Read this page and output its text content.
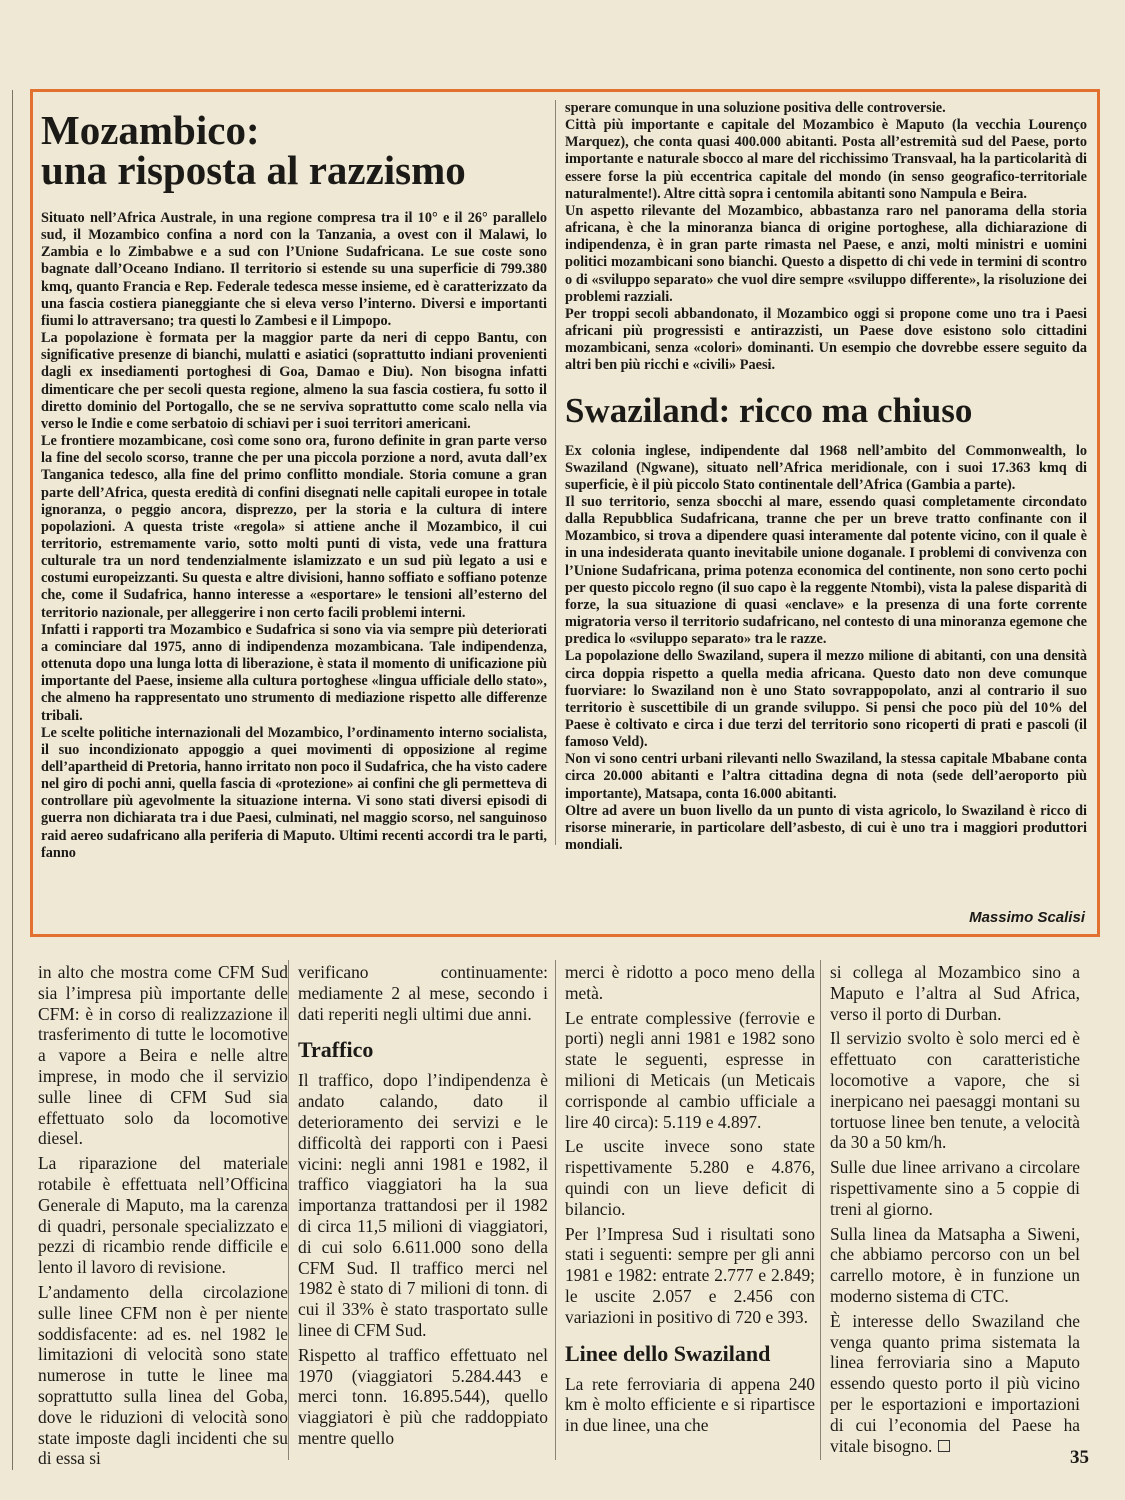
Mozambico:
una risposta al razzismo

Situato nell’Africa Australe, in una regione compresa tra il 10° e il 26° parallelo sud, il Mozambico confina a nord con la Tanzania, a ovest con il Malawi, lo Zambia e lo Zimbabwe e a sud con l’Unione Sudafricana. Le sue coste sono bagnate dall’Oceano Indiano. Il territorio si estende su una superficie di 799.380 kmq, quanto Francia e Rep. Federale tedesca messe insieme, ed è caratterizzato da una fascia costiera pianeggiante che si eleva verso l’interno. Diversi e importanti fiumi lo attraversano; tra questi lo Zambesi e il Limpopo.

La popolazione è formata per la maggior parte da neri di ceppo Bantu, con significative presenze di bianchi, mulatti e asiatici (soprattutto indiani provenienti dagli ex insediamenti portoghesi di Goa, Damao e Diu). Non bisogna infatti dimenticare che per secoli questa regione, almeno la sua fascia costiera, fu sotto il diretto dominio del Portogallo, che se ne serviva soprattutto come scalo nella via verso le Indie e come serbatoio di schiavi per i suoi territori americani.

Le frontiere mozambicane, così come sono ora, furono definite in gran parte verso la fine del secolo scorso, tranne che per una piccola porzione a nord, avuta dall’ex Tanganica tedesco, alla fine del primo conflitto mondiale. Storia comune a gran parte dell’Africa, questa eredità di confini disegnati nelle capitali europee in totale ignoranza, o peggio ancora, disprezzo, per la storia e la cultura di intere popolazioni. A questa triste «regola» si attiene anche il Mozambico, il cui territorio, estremamente vario, sotto molti punti di vista, vede una frattura culturale tra un nord tendenzialmente islamizzato e un sud più legato a usi e costumi europeizzanti. Su questa e altre divisioni, hanno soffiato e soffiano potenze che, come il Sudafrica, hanno interesse a «esportare» le tensioni all’esterno del territorio nazionale, per alleggerire i non certo facili problemi interni.

Infatti i rapporti tra Mozambico e Sudafrica si sono via via sempre più deteriorati a cominciare dal 1975, anno di indipendenza mozambicana. Tale indipendenza, ottenuta dopo una lunga lotta di liberazione, è stata il momento di unificazione più importante del Paese, insieme alla cultura portoghese «lingua ufficiale dello stato», che almeno ha rappresentato uno strumento di mediazione rispetto alle differenze tribali.

Le scelte politiche internazionali del Mozambico, l’ordinamento interno socialista, il suo incondizionato appoggio a quei movimenti di opposizione al regime dell’apartheid di Pretoria, hanno irritato non poco il Sudafrica, che ha visto cadere nel giro di pochi anni, quella fascia di «protezione» ai confini che gli permetteva di controllare più agevolmente la situazione interna. Vi sono stati diversi episodi di guerra non dichiarata tra i due Paesi, culminati, nel maggio scorso, nel sanguinoso raid aereo sudafricano alla periferia di Maputo. Ultimi recenti accordi tra le parti, fanno

sperare comunque in una soluzione positiva delle controversie.

Città più importante e capitale del Mozambico è Maputo (la vecchia Lourenço Marquez), che conta quasi 400.000 abitanti. Posta all’estremità sud del Paese, porto importante e naturale sbocco al mare del ricchissimo Transvaal, ha la particolarità di essere forse la più eccentrica capitale del mondo (in senso geografico-territoriale naturalmente!). Altre città sopra i centomila abitanti sono Nampula e Beira.

Un aspetto rilevante del Mozambico, abbastanza raro nel panorama della storia africana, è che la minoranza bianca di origine portoghese, alla dichiarazione di indipendenza, è in gran parte rimasta nel Paese, e anzi, molti ministri e uomini politici mozambicani sono bianchi. Questo a dispetto di chi vede in termini di scontro o di «sviluppo separato» che vuol dire sempre «sviluppo differente», la risoluzione dei problemi razziali.

Per troppi secoli abbandonato, il Mozambico oggi si propone come uno tra i Paesi africani più progressisti e antirazzisti, un Paese dove esistono solo cittadini mozambicani, senza «colori» dominanti. Un esempio che dovrebbe essere seguito da altri ben più ricchi e «civili» Paesi.

Swaziland: ricco ma chiuso

Ex colonia inglese, indipendente dal 1968 nell’ambito del Commonwealth, lo Swaziland (Ngwane), situato nell’Africa meridionale, con i suoi 17.363 kmq di superficie, è il più piccolo Stato continentale dell’Africa (Gambia a parte).

Il suo territorio, senza sbocchi al mare, essendo quasi completamente circondato dalla Repubblica Sudafricana, tranne che per un breve tratto confinante con il Mozambico, si trova a dipendere quasi interamente dal potente vicino, con il quale è in una indesiderata quanto inevitabile unione doganale. I problemi di convivenza con l’Unione Sudafricana, prima potenza economica del continente, non sono certo pochi per questo piccolo regno (il suo capo è la reggente Ntombi), vista la palese disparità di forze, la sua situazione di quasi «enclave» e la presenza di una forte corrente migratoria verso il territorio sudafricano, nel contesto di una minoranza egemone che predica lo «sviluppo separato» tra le razze.

La popolazione dello Swaziland, supera il mezzo milione di abitanti, con una densità circa doppia rispetto a quella media africana. Questo dato non deve comunque fuorviare: lo Swaziland non è uno Stato sovrappopolato, anzi al contrario il suo territorio è suscettibile di un grande sviluppo. Si pensi che poco più del 10% del Paese è coltivato e circa i due terzi del territorio sono ricoperti di prati e pascoli (il famoso Veld).

Non vi sono centri urbani rilevanti nello Swaziland, la stessa capitale Mbabane conta circa 20.000 abitanti e l’altra cittadina degna di nota (sede dell’aeroporto più importante), Matsapa, conta 16.000 abitanti.

Oltre ad avere un buon livello da un punto di vista agricolo, lo Swaziland è ricco di risorse minerarie, in particolare dell’asbesto, di cui è uno tra i maggiori produttori mondiali.

Massimo Scalisi

in alto che mostra come CFM Sud sia l’impresa più importante delle CFM: è in corso di realizzazione il trasferimento di tutte le locomotive a vapore a Beira e nelle altre imprese, in modo che il servizio sulle linee di CFM Sud sia effettuato solo da locomotive diesel.

La riparazione del materiale rotabile è effettuata nell’Officina Generale di Maputo, ma la carenza di quadri, personale specializzato e pezzi di ricambio rende difficile e lento il lavoro di revisione.

L’andamento della circolazione sulle linee CFM non è per niente soddisfacente: ad es. nel 1982 le limitazioni di velocità sono state numerose in tutte le linee ma soprattutto sulla linea del Goba, dove le riduzioni di velocità sono state imposte dagli incidenti che su di essa si

verificano continuamente: mediamente 2 al mese, secondo i dati reperiti negli ultimi due anni.

Traffico

Il traffico, dopo l’indipendenza è andato calando, dato il deterioramento dei servizi e le difficoltà dei rapporti con i Paesi vicini: negli anni 1981 e 1982, il traffico viaggiatori ha la sua importanza trattandosi per il 1982 di circa 11,5 milioni di viaggiatori, di cui solo 6.611.000 sono della CFM Sud. Il traffico merci nel 1982 è stato di 7 milioni di tonn. di cui il 33% è stato trasportato sulle linee di CFM Sud.

Rispetto al traffico effettuato nel 1970 (viaggiatori 5.284.443 e merci tonn. 16.895.544), quello viaggiatori è più che raddoppiato mentre quello

merci è ridotto a poco meno della metà.

Le entrate complessive (ferrovie e porti) negli anni 1981 e 1982 sono state le seguenti, espresse in milioni di Meticais (un Meticais corrisponde al cambio ufficiale a lire 40 circa): 5.119 e 4.897.

Le uscite invece sono state rispettivamente 5.280 e 4.876, quindi con un lieve deficit di bilancio.

Per l’Impresa Sud i risultati sono stati i seguenti: sempre per gli anni 1981 e 1982: entrate 2.777 e 2.849; le uscite 2.057 e 2.456 con variazioni in positivo di 720 e 393.

Linee dello Swaziland

La rete ferroviaria di appena 240 km è molto efficiente e si ripartisce in due linee, una che

si collega al Mozambico sino a Maputo e l’altra al Sud Africa, verso il porto di Durban.

Il servizio svolto è solo merci ed è effettuato con caratteristiche locomotive a vapore, che si inerpicano nei paesaggi montani su tortuose linee ben tenute, a velocità da 30 a 50 km/h.

Sulle due linee arrivano a circolare rispettivamente sino a 5 coppie di treni al giorno.

Sulla linea da Matsapha a Siweni, che abbiamo percorso con un bel carrello motore, è in funzione un moderno sistema di CTC.

È interesse dello Swaziland che venga quanto prima sistemata la linea ferroviaria sino a Maputo essendo questo porto il più vicino per le esportazioni e importazioni di cui l’economia del Paese ha vitale bisogno.

35
